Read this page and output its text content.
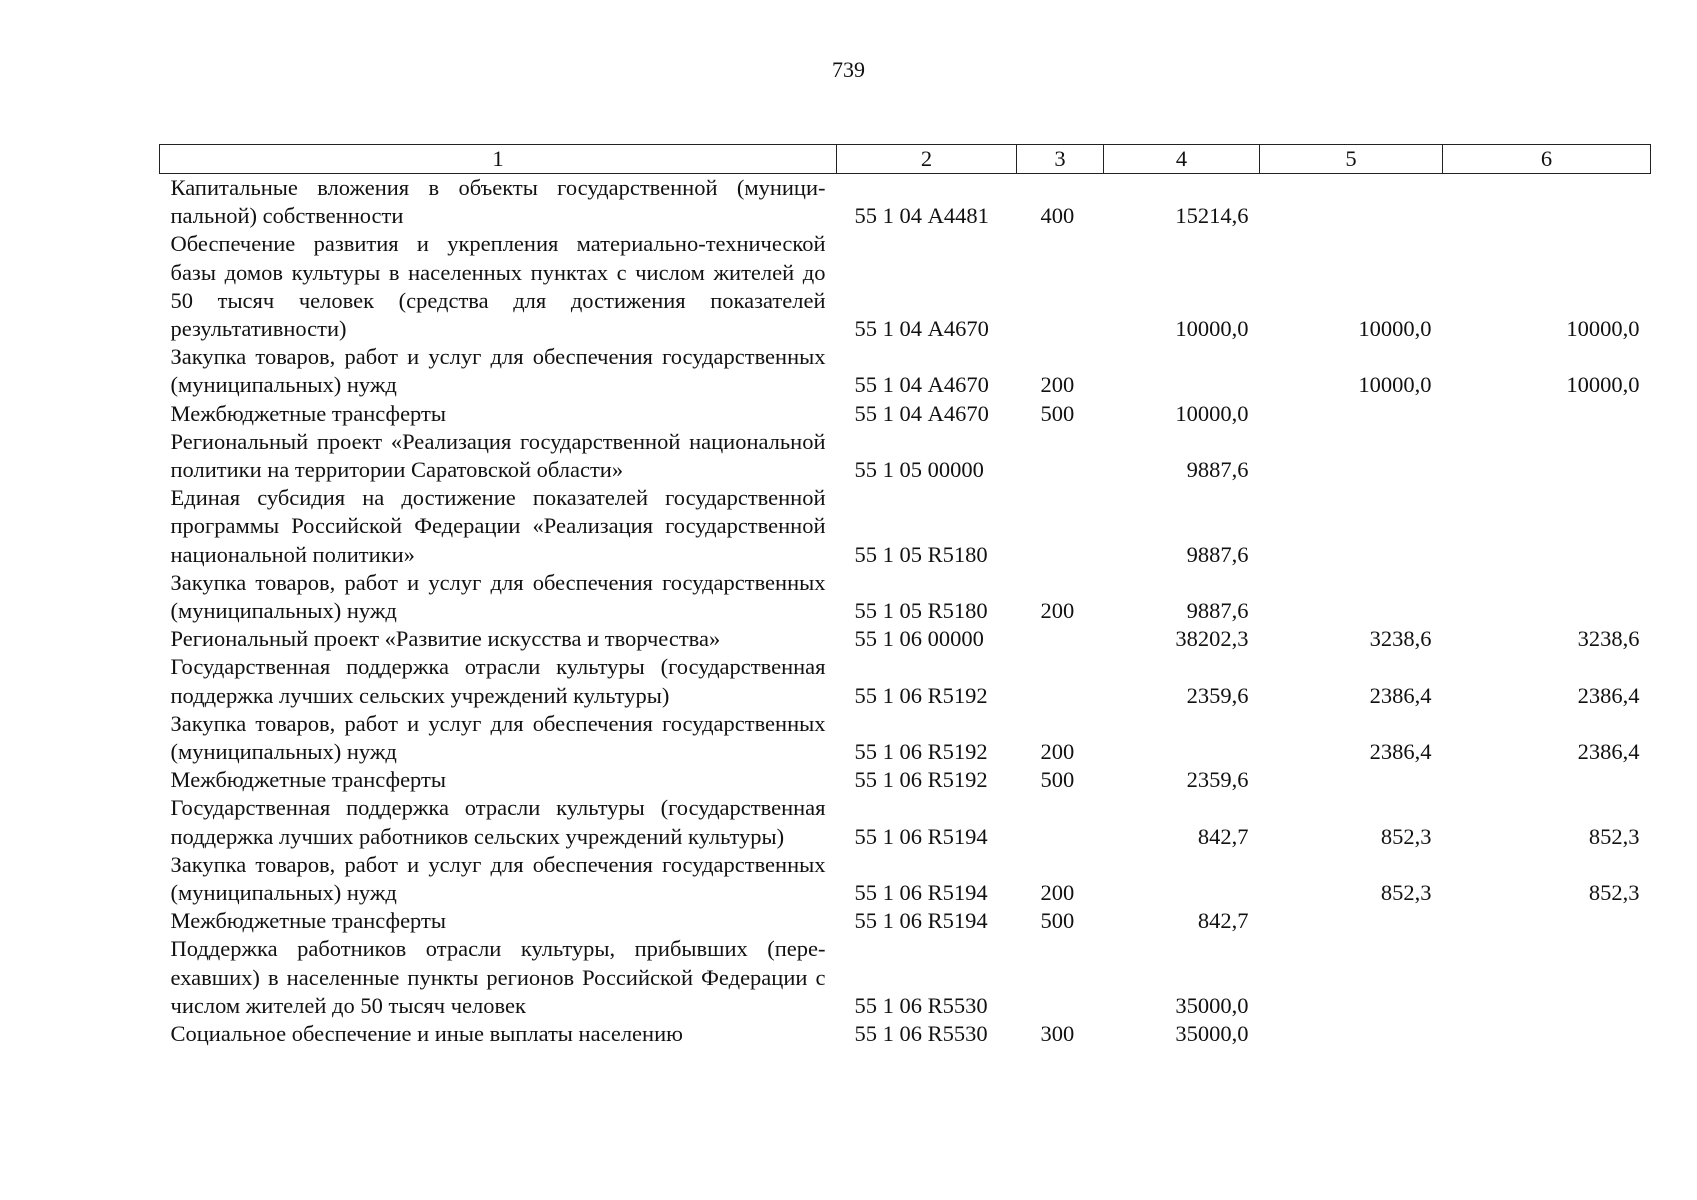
739
1	2	3	4	5	6
Капитальные вложения в объекты государственной (муниципальной) собственности	55 1 04 А4481	400	15214,6		
Обеспечение развития и укрепления материально-технической базы домов культуры в населенных пунктах с числом жителей до 50 тысяч человек (средства для достижения показателей результативности)	55 1 04 А4670		10000,0	10000,0	10000,0
Закупка товаров, работ и услуг для обеспечения государственных (муниципальных) нужд	55 1 04 А4670	200		10000,0	10000,0
Межбюджетные трансферты	55 1 04 А4670	500	10000,0		
Региональный проект «Реализация государственной национальной политики на территории Саратовской области»	55 1 05 00000		9887,6		
Единая субсидия на достижение показателей государственной программы Российской Федерации «Реализация государственной национальной политики»	55 1 05 R5180		9887,6		
Закупка товаров, работ и услуг для обеспечения государственных (муниципальных) нужд	55 1 05 R5180	200	9887,6		
Региональный проект «Развитие искусства и творчества»	55 1 06 00000		38202,3	3238,6	3238,6
Государственная поддержка отрасли культуры (государственная поддержка лучших сельских учреждений культуры)	55 1 06 R5192		2359,6	2386,4	2386,4
Закупка товаров, работ и услуг для обеспечения государственных (муниципальных) нужд	55 1 06 R5192	200		2386,4	2386,4
Межбюджетные трансферты	55 1 06 R5192	500	2359,6		
Государственная поддержка отрасли культуры (государственная поддержка лучших работников сельских учреждений культуры)	55 1 06 R5194		842,7	852,3	852,3
Закупка товаров, работ и услуг для обеспечения государственных (муниципальных) нужд	55 1 06 R5194	200		852,3	852,3
Межбюджетные трансферты	55 1 06 R5194	500	842,7		
Поддержка работников отрасли культуры, прибывших (переехавших) в населенные пункты регионов Российской Федерации с числом жителей до 50 тысяч человек	55 1 06 R5530		35000,0		
Социальное обеспечение и иные выплаты населению	55 1 06 R5530	300	35000,0		
